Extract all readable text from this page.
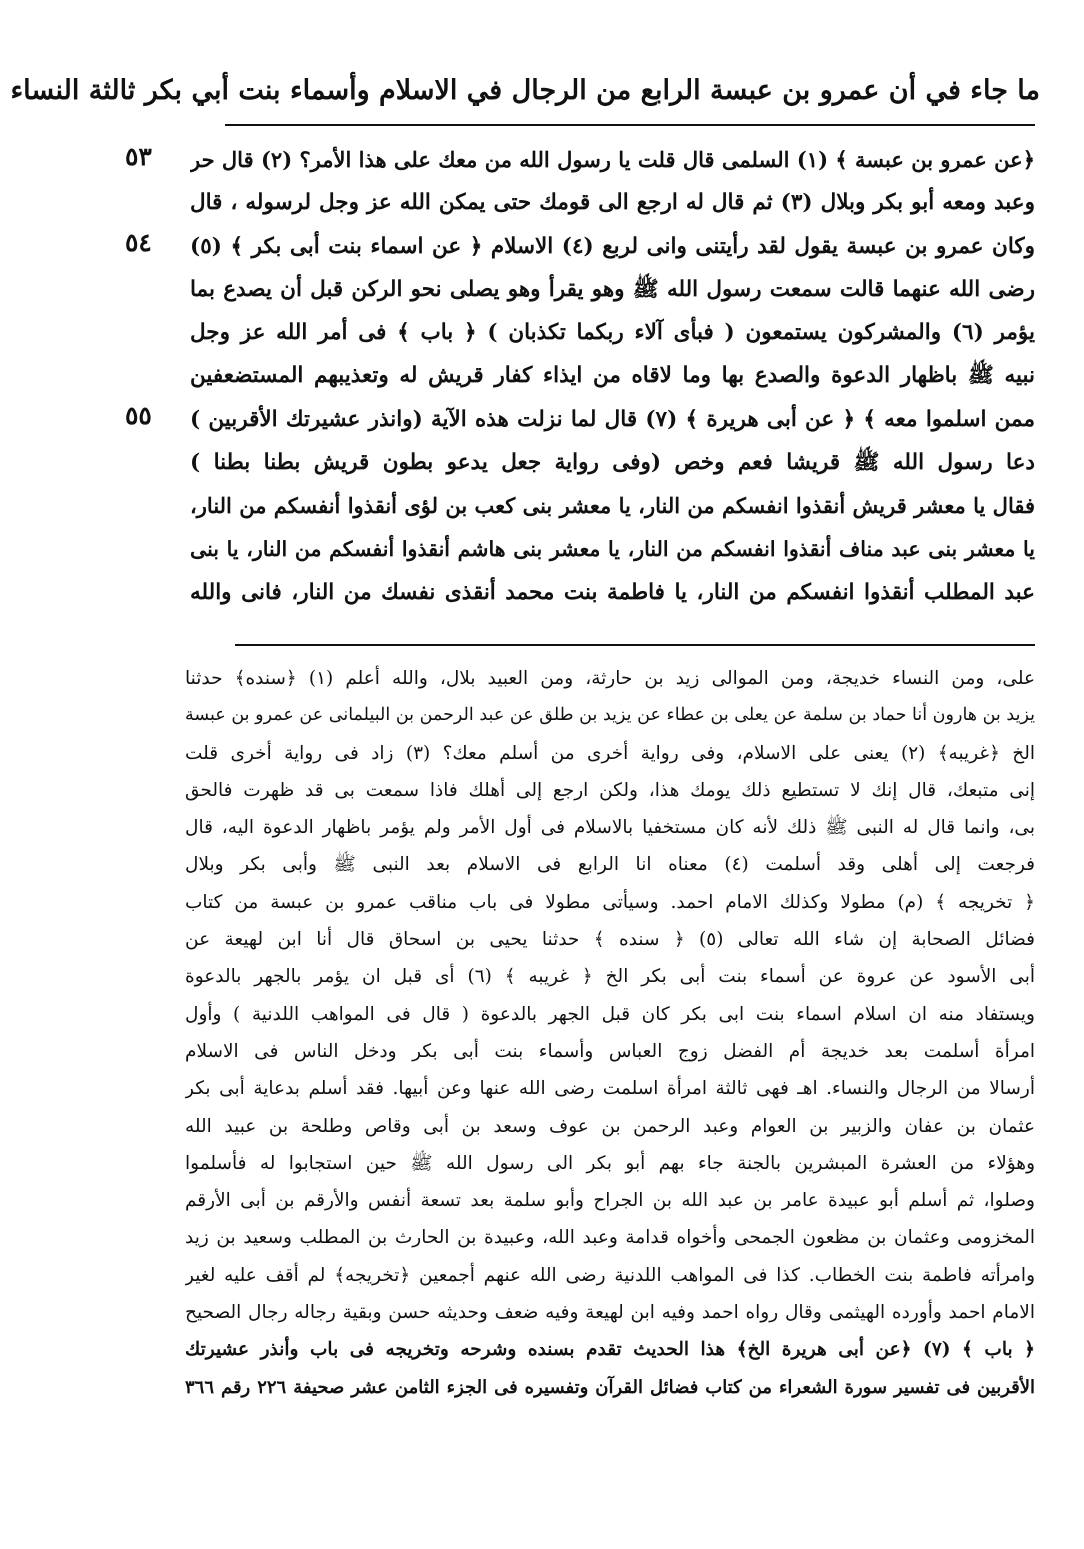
ما جاء في أن عمرو بن عبسة الرابع من الرجال في الاسلام وأسماء بنت أبي بكر ثالثة النساء
٥٣
٥٤
٥٥
﴿عن عمرو بن عبسة ﴾ (١) السلمى قال قلت يا رسول الله من معك على هذا الأمر؟ (٢) قال حر
وعبد ومعه أبو بكر وبلال (٣) ثم قال له ارجع الى قومك حتى يمكن الله عز وجل لرسوله ، قال
وكان عمرو بن عبسة يقول لقد رأيتنى وانى لربع (٤) الاسلام ﴿ عن اسماء بنت أبى بكر ﴾ (٥)
رضى الله عنهما قالت سمعت رسول الله ﷺ وهو يقرأ وهو يصلى نحو الركن قبل أن يصدع بما
يؤمر (٦) والمشركون يستمعون ( فبأى آلاء ربكما تكذبان ) ﴿ باب ﴾ فى أمر الله عز وجل
نبيه ﷺ باظهار الدعوة والصدع بها وما لاقاه من ايذاء كفار قريش له وتعذيبهم المستضعفين
ممن اسلموا معه ﴾ ﴿ عن أبى هريرة ﴾ (٧) قال لما نزلت هذه الآية (وانذر عشيرتك الأقربين )
دعا رسول الله ﷺ قريشا فعم وخص (وفى رواية جعل يدعو بطون قريش بطنا بطنا )
فقال يا معشر قريش أنقذوا انفسكم من النار، يا معشر بنى كعب بن لؤى أنقذوا أنفسكم من النار،
يا معشر بنى عبد مناف أنقذوا انفسكم من النار، يا معشر بنى هاشم أنقذوا أنفسكم من النار، يا بنى
عبد المطلب أنقذوا انفسكم من النار، يا فاطمة بنت محمد أنقذى نفسك من النار، فانى والله
على، ومن النساء خديجة، ومن الموالى زيد بن حارثة، ومن العبيد بلال، والله أعلم (١) ﴿سنده﴾ حدثنا
يزيد بن هارون أنا حماد بن سلمة عن يعلى بن عطاء عن يزيد بن طلق عن عبد الرحمن بن البيلمانى عن عمرو بن عبسة
الخ ﴿غريبه﴾ (٢) يعنى على الاسلام، وفى رواية أخرى من أسلم معك؟ (٣) زاد فى رواية أخرى قلت
إنى متبعك، قال إنك لا تستطيع ذلك يومك هذا، ولكن ارجع إلى أهلك فاذا سمعت بى قد ظهرت فالحق
بى، وانما قال له النبى ﷺ ذلك لأنه كان مستخفيا بالاسلام فى أول الأمر ولم يؤمر باظهار الدعوة اليه، قال
فرجعت إلى أهلى وقد أسلمت (٤) معناه انا الرابع فى الاسلام بعد النبى ﷺ وأبى بكر وبلال
﴿ تخريجه ﴾ (م) مطولا وكذلك الامام احمد. وسيأتى مطولا فى باب مناقب عمرو بن عبسة من كتاب
فضائل الصحابة إن شاء الله تعالى (٥) ﴿ سنده ﴾ حدثنا يحيى بن اسحاق قال أنا ابن لهيعة عن
أبى الأسود عن عروة عن أسماء بنت أبى بكر الخ ﴿ غريبه ﴾ (٦) أى قبل ان يؤمر بالجهر بالدعوة
ويستفاد منه ان اسلام اسماء بنت ابى بكر كان قبل الجهر بالدعوة ( قال فى المواهب اللدنية ) وأول
امرأة أسلمت بعد خديجة أم الفضل زوج العباس وأسماء بنت أبى بكر ودخل الناس فى الاسلام
أرسالا من الرجال والنساء. اهـ فهى ثالثة امرأة اسلمت رضى الله عنها وعن أبيها. فقد أسلم بدعاية أبى بكر
عثمان بن عفان والزبير بن العوام وعبد الرحمن بن عوف وسعد بن أبى وقاص وطلحة بن عبيد الله
وهؤلاء من العشرة المبشرين بالجنة جاء بهم أبو بكر الى رسول الله ﷺ حين استجابوا له فأسلموا
وصلوا، ثم أسلم أبو عبيدة عامر بن عبد الله بن الجراح وأبو سلمة بعد تسعة أنفس والأرقم بن أبى الأرقم
المخزومى وعثمان بن مظعون الجمحى وأخواه قدامة وعبد الله، وعبيدة بن الحارث بن المطلب وسعيد بن زيد
وامرأته فاطمة بنت الخطاب. كذا فى المواهب اللدنية رضى الله عنهم أجمعين ﴿تخريجه﴾ لم أقف عليه لغير
الامام احمد وأورده الهيثمى وقال رواه احمد وفيه ابن لهيعة وفيه ضعف وحديثه حسن وبقية رجاله رجال الصحيح
﴿ باب ﴾ (٧) ﴿عن أبى هريرة الخ﴾ هذا الحديث تقدم بسنده وشرحه وتخريجه فى باب وأنذر عشيرتك
الأقربين فى تفسير سورة الشعراء من كتاب فضائل القرآن وتفسيره فى الجزء الثامن عشر صحيفة ٢٢٦ رقم ٣٦٦
